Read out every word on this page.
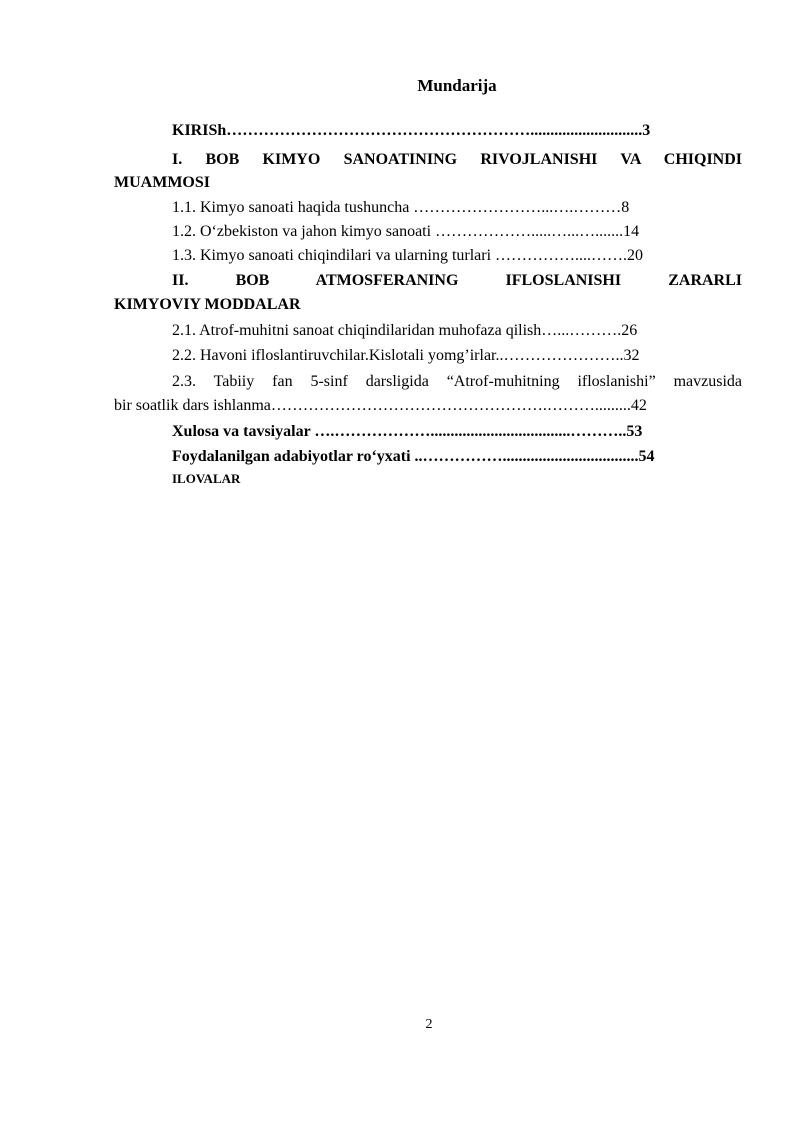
Mundarija
KIRISh…………………………………………………............................3
I. BOB KIMYO SANOATINING RIVOJLANISHI VA CHIQINDI
MUAMMOSI
1.1. Kimyo sanoati haqida tushuncha ……………………...….………8
1.2. O‘zbekiston va jahon kimyo sanoati ……………….....…...….......14
1.3. Kimyo sanoati chiqindilari va ularning turlari ……………....…….20
II. BOB ATMOSFERANING IFLOSLANISHI ZARARLI
KIMYOVIY MODDALAR
2.1. Atrof-muhitni sanoat chiqindilaridan muhofaza qilish…...……….26
2.2. Havoni ifloslantiruvchilar.Kislotali yomg’irlar..…………………..32
2.3. Tabiiy fan 5-sinf darsligida “Atrof-muhitning ifloslanishi” mavzusida
bir soatlik dars ishlanma…………………………………………….……….........42
Xulosa va tavsiyalar ….………………...................................………..53
Foydalanilgan adabiyotlar ro‘yxati ..……………..................................54
ILOVALAR
2
